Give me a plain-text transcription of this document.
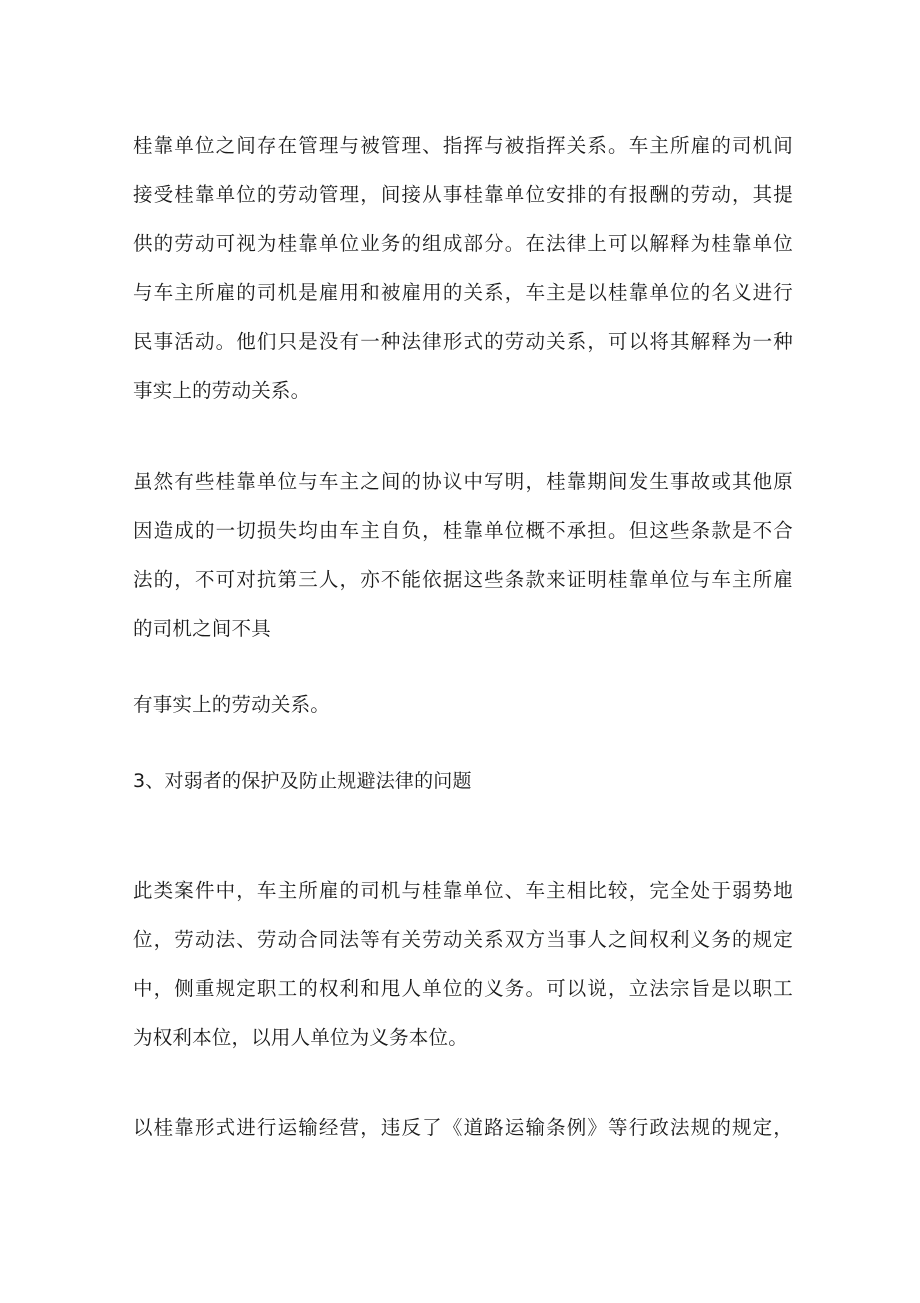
桂靠单位之间存在管理与被管理、指挥与被指挥关系。车主所雇的司机间
接受桂靠单位的劳动管理，间接从事桂靠单位安排的有报酬的劳动，其提
供的劳动可视为桂靠单位业务的组成部分。在法律上可以解释为桂靠单位
与车主所雇的司机是雇用和被雇用的关系，车主是以桂靠单位的名义进行
民事活动。他们只是没有一种法律形式的劳动关系，可以将其解释为一种
事实上的劳动关系。
虽然有些桂靠单位与车主之间的协议中写明，桂靠期间发生事故或其他原
因造成的一切损失均由车主自负，桂靠单位概不承担。但这些条款是不合
法的，不可对抗第三人，亦不能依据这些条款来证明桂靠单位与车主所雇
的司机之间不具
有事实上的劳动关系。
3、对弱者的保护及防止规避法律的问题
此类案件中，车主所雇的司机与桂靠单位、车主相比较，完全处于弱势地
位，劳动法、劳动合同法等有关劳动关系双方当事人之间权利义务的规定
中，侧重规定职工的权利和甩人单位的义务。可以说，立法宗旨是以职工
为权利本位，以用人单位为义务本位。
以桂靠形式进行运输经营，违反了《道路运输条例》等行政法规的规定，
